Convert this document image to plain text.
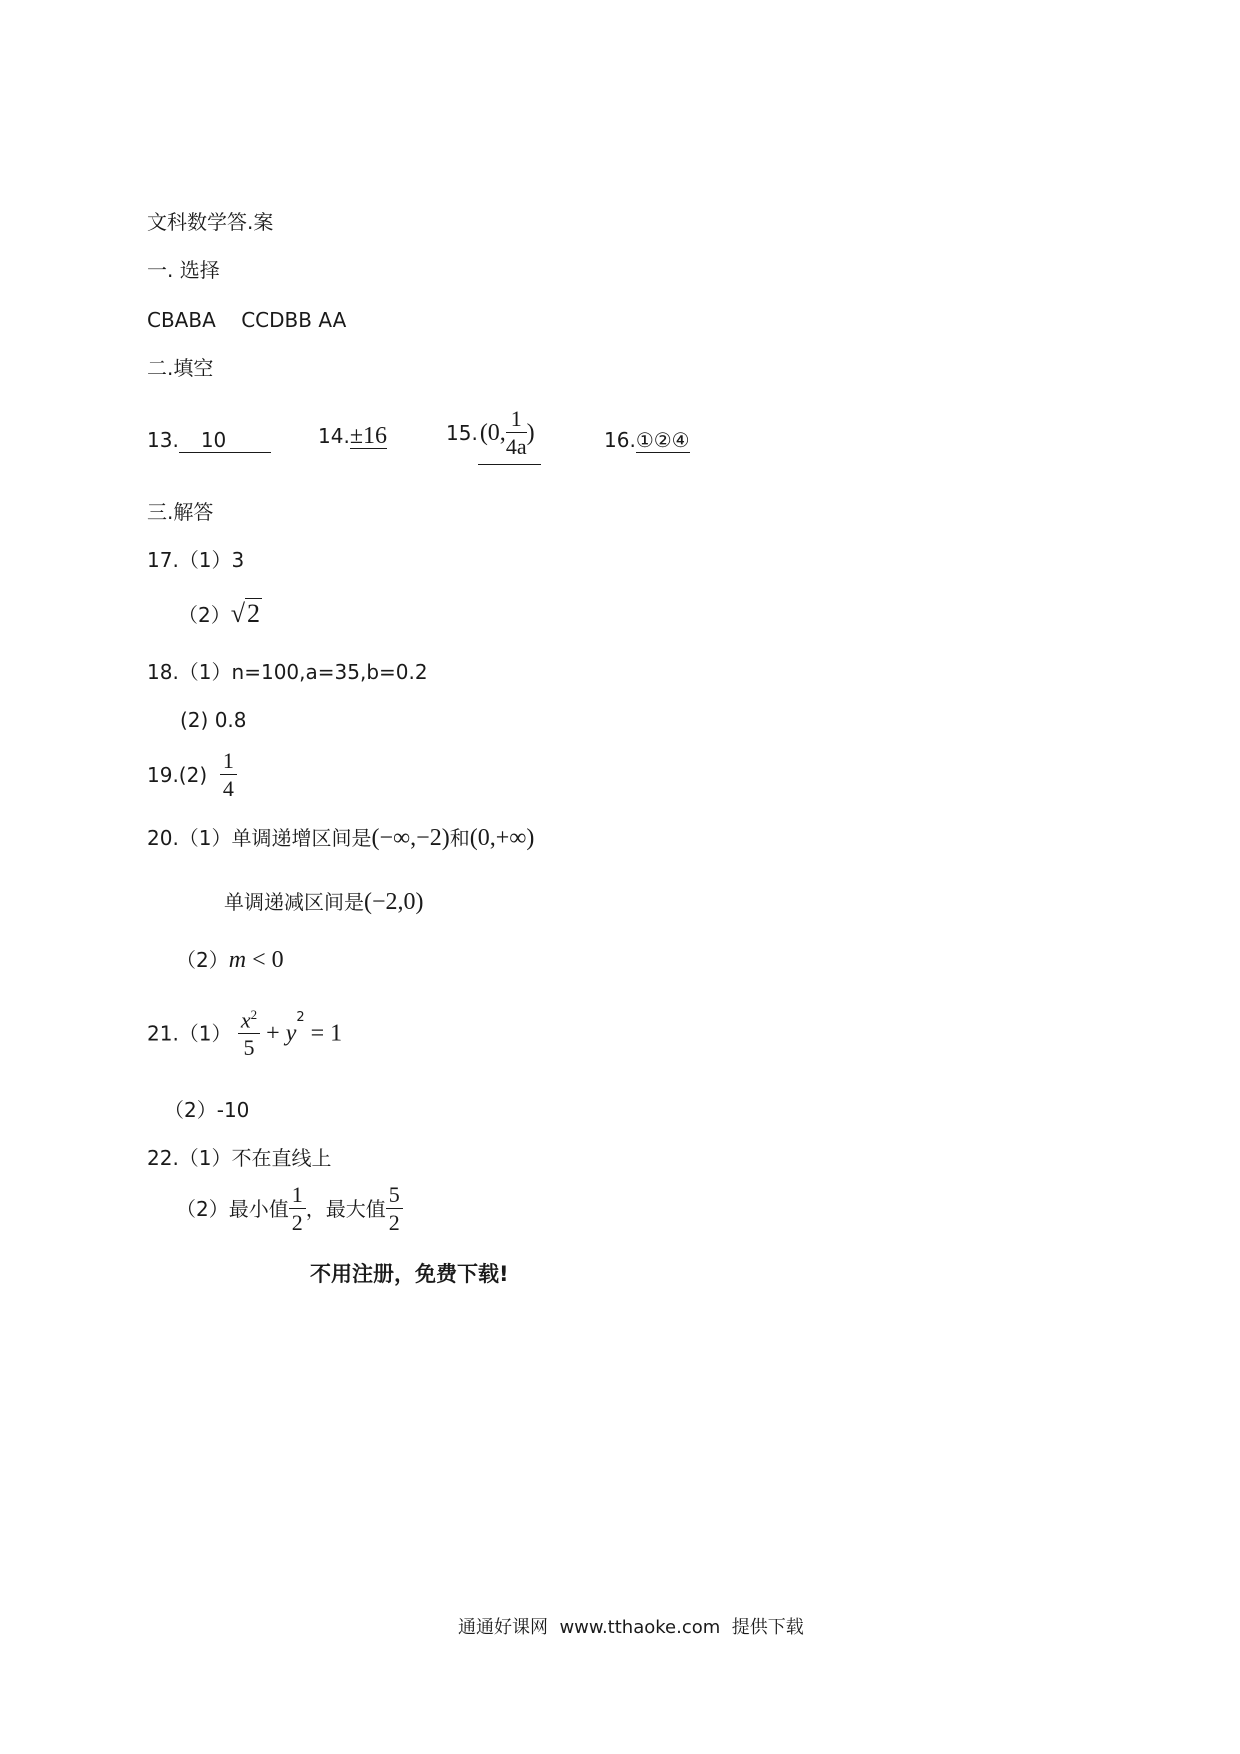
文科数学答.案
一. 选择
CBABA    CCDBB AA
二.填空
13. 10	14.±16	15.(0, $\frac{1}{4a}$ )	16.①②④
三.解答
17.（1）3
（2）√2
18.（1）n=100,a=35,b=0.2
(2) 0.8
$19.(2) \frac{1}{4}$
20.（1）单调递增区间是(−∞,−2)和(0,+∞)
单调递减区间是(−2,0)
（2）m < 0
$21.(1) \frac{x^2}{5} + y^2 = 1$
（2）-10
22.（1）不在直线上
（2）最小值 $\frac{1}{2}$ ，最大值 $\frac{5}{2}$
不用注册，免费下载!
通通好课网  www.tthaoke.com  提供下载
